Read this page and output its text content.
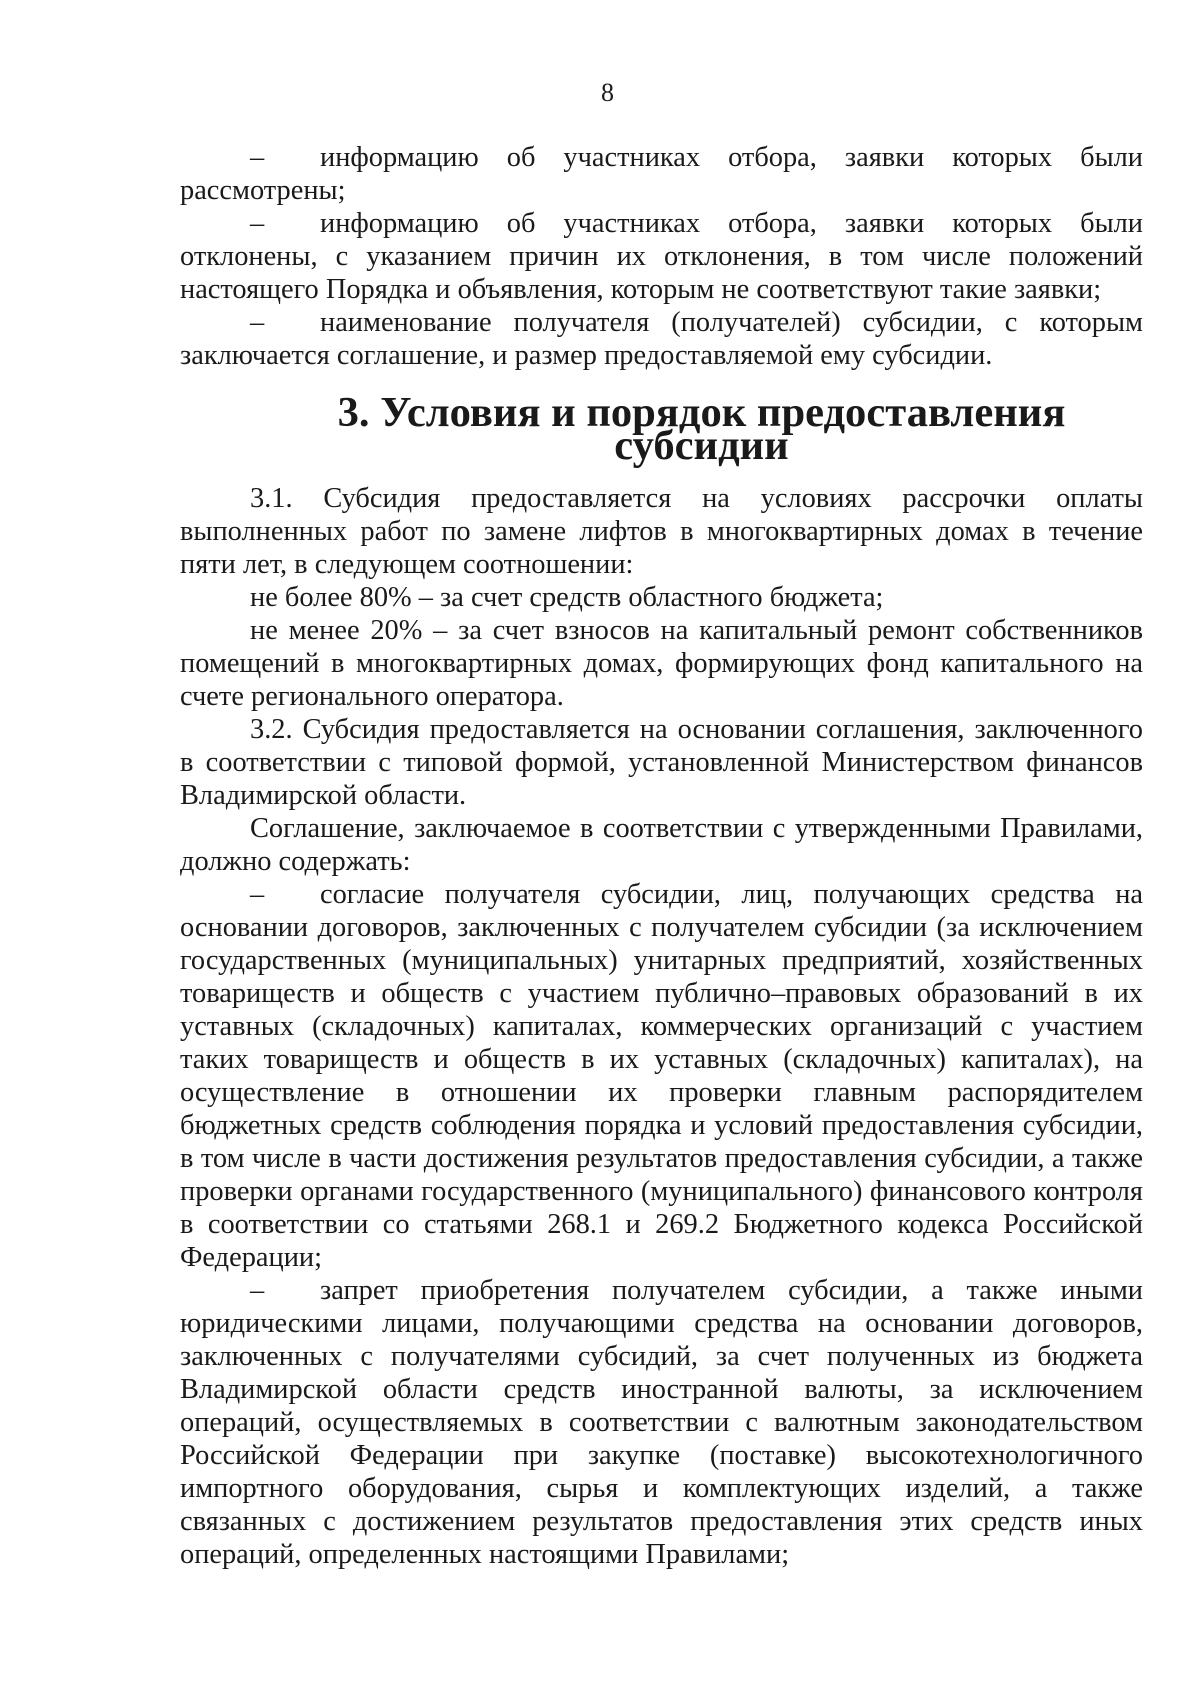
8

– информацию об участниках отбора, заявки которых были рассмотрены;

– информацию об участниках отбора, заявки которых были отклонены, с указанием причин их отклонения, в том числе положений настоящего Порядка и объявления, которым не соответствуют такие заявки;

– наименование получателя (получателей) субсидии, с которым заключается соглашение, и размер предоставляемой ему субсидии.

3. Условия и порядок предоставления субсидии

3.1. Субсидия предоставляется на условиях рассрочки оплаты выполненных работ по замене лифтов в многоквартирных домах в течение пяти лет, в следующем соотношении:

не более 80% – за счет средств областного бюджета;

не менее 20% – за счет взносов на капитальный ремонт собственников помещений в многоквартирных домах, формирующих фонд капитального на счете регионального оператора.

3.2. Субсидия предоставляется на основании соглашения, заключенного в соответствии с типовой формой, установленной Министерством финансов Владимирской области.

Соглашение, заключаемое в соответствии с утвержденными Правилами, должно содержать:

– согласие получателя субсидии, лиц, получающих средства на основании договоров, заключенных с получателем субсидии (за исключением государственных (муниципальных) унитарных предприятий, хозяйственных товариществ и обществ с участием публично–правовых образований в их уставных (складочных) капиталах, коммерческих организаций с участием таких товариществ и обществ в их уставных (складочных) капиталах), на осуществление в отношении их проверки главным распорядителем бюджетных средств соблюдения порядка и условий предоставления субсидии, в том числе в части достижения результатов предоставления субсидии, а также проверки органами государственного (муниципального) финансового контроля в соответствии со статьями 268.1 и 269.2 Бюджетного кодекса Российской Федерации;

– запрет приобретения получателем субсидии, а также иными юридическими лицами, получающими средства на основании договоров, заключенных с получателями субсидий, за счет полученных из бюджета Владимирской области средств иностранной валюты, за исключением операций, осуществляемых в соответствии с валютным законодательством Российской Федерации при закупке (поставке) высокотехнологичного импортного оборудования, сырья и комплектующих изделий, а также связанных с достижением результатов предоставления этих средств иных операций, определенных настоящими Правилами;
